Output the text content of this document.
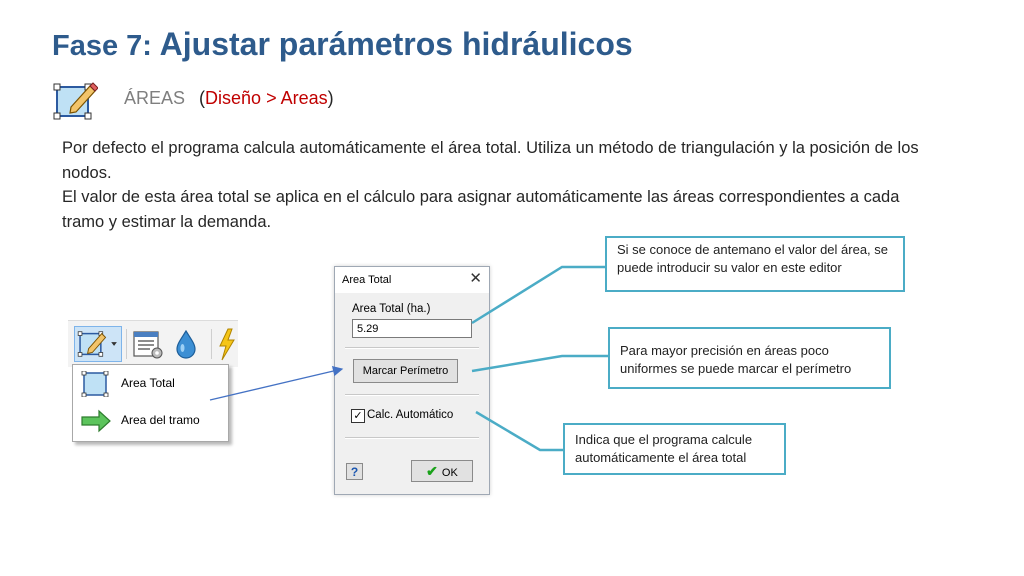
Fase 7: Ajustar parámetros hidráulicos
ÁREAS (Diseño > Areas)

Por defecto el programa calcula automáticamente el área total. Utiliza un método de triangulación y la posición de los nodos.

El valor de esta área total se aplica en el cálculo para asignar automáticamente las áreas correspondientes a cada tramo y estimar la demanda.

Area Total
Area del tramo
Area Total	✕
Area Total (ha.)
5.29
Marcar Perímetro
✓ Calc. Automático
?	✔ OK
Si se conoce de antemano el valor del área, se puede introducir su valor en este editor
Para mayor precisión en áreas poco uniformes se puede marcar el perímetro
Indica que el programa calcule automáticamente el área total
